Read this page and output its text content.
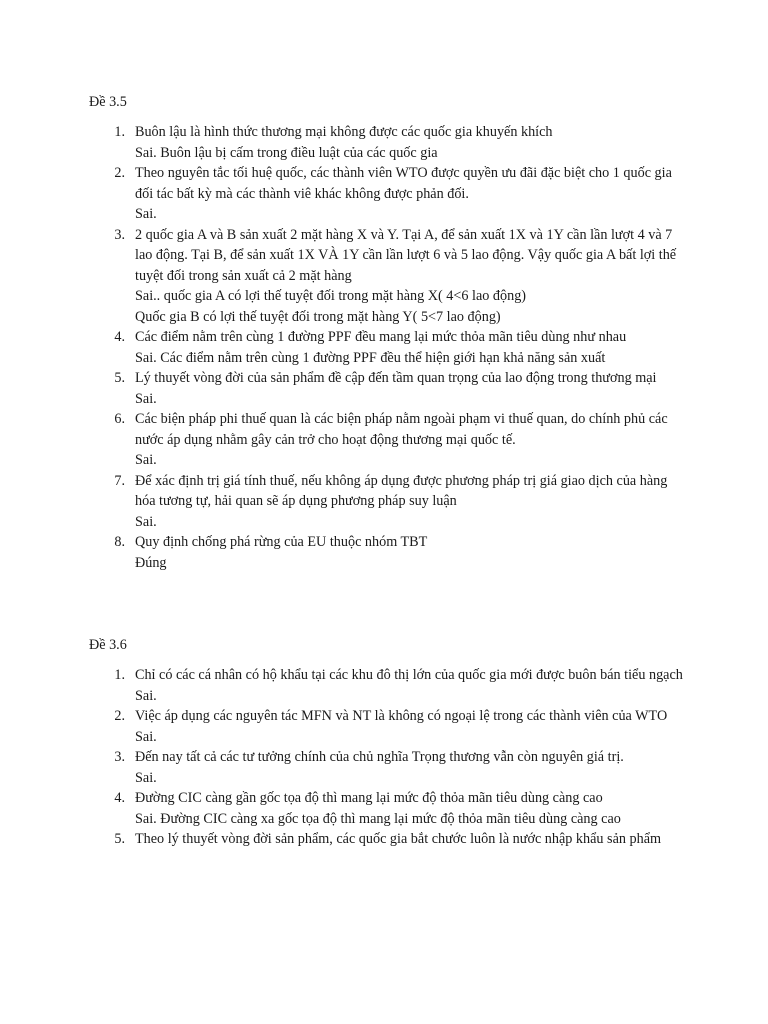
Đề 3.5

1. Buôn lậu là hình thức thương mại không được các quốc gia khuyến khích
Sai. Buôn lậu bị cấm trong điều luật của các quốc gia
2. Theo nguyên tắc tối huệ quốc, các thành viên WTO được quyền ưu đãi đặc biệt cho 1 quốc gia đối tác bất kỳ mà các thành viê khác không được phản đối.
Sai.
3. 2 quốc gia A và B sản xuất 2 mặt hàng X và Y. Tại A, để sản xuất 1X và 1Y cần lần lượt 4 và 7 lao động. Tại B, để sản xuất 1X VÀ 1Y cần lần lượt 6 và 5 lao động. Vậy quốc gia A bất lợi thế tuyệt đối trong sản xuất cả 2 mặt hàng
Sai.. quốc gia A có lợi thế tuyệt đối trong mặt hàng X( 4<6 lao động)
Quốc gia B có lợi thế tuyệt đối trong mặt hàng Y( 5<7 lao động)
4. Các điểm nằm trên cùng 1 đường PPF đều mang lại mức thỏa mãn tiêu dùng như nhau
Sai. Các điểm nằm trên cùng 1 đường PPF đều thể hiện giới hạn khả năng sản xuất
5. Lý thuyết vòng đời của sản phẩm đề cập đến tầm quan trọng của lao động trong thương mại
Sai.
6. Các biện pháp phi thuế quan là các biện pháp nằm ngoài phạm vi thuế quan, do chính phủ các nước áp dụng nhằm gây cản trở cho hoạt động thương mại quốc tế.
Sai.
7. Để xác định trị giá tính thuế, nếu không áp dụng được phương pháp trị giá giao dịch của hàng hóa tương tự, hải quan sẽ áp dụng phương pháp suy luận
Sai.
8. Quy định chống phá rừng của EU thuộc nhóm TBT
Đúng

Đề 3.6

1. Chỉ có các cá nhân có hộ khẩu tại các khu đô thị lớn của quốc gia mới được buôn bán tiểu ngạch
Sai.
2. Việc áp dụng các nguyên tác MFN và NT là không có ngoại lệ trong các thành viên của WTO
Sai.
3. Đến nay tất cả các tư tưởng chính của chủ nghĩa Trọng thương vẫn còn nguyên giá trị.
Sai.
4. Đường CIC càng gần gốc tọa độ thì mang lại mức độ thỏa mãn tiêu dùng càng cao
Sai. Đường CIC càng xa gốc tọa độ thì mang lại mức độ thỏa mãn tiêu dùng càng cao
5. Theo lý thuyết vòng đời sản phẩm, các quốc gia bắt chước luôn là nước nhập khẩu sản phẩm
